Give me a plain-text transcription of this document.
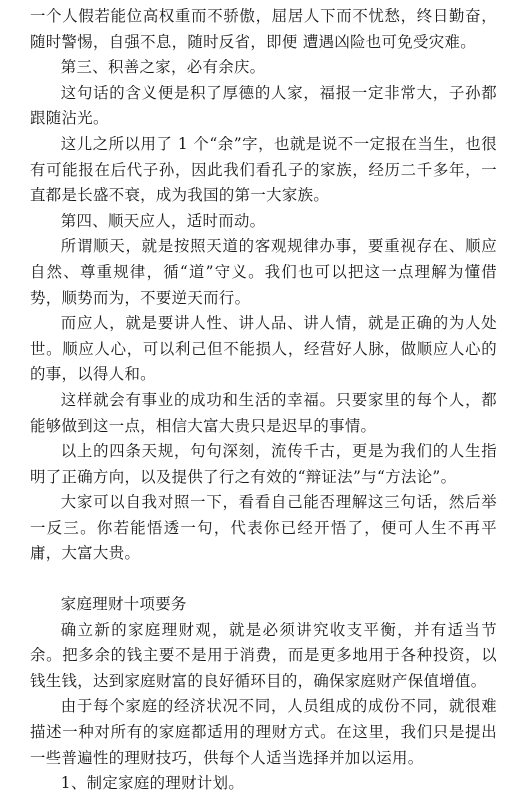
一个人假若能位高权重而不骄傲，屈居人下而不忧愁，终日勤奋，随时警惕，自强不息，随时反省，即便 遭遇凶险也可免受灾难。

第三、积善之家，必有余庆。

这句话的含义便是积了厚德的人家，福报一定非常大，子孙都跟随沾光。

这儿之所以用了 1 个“余”字，也就是说不一定报在当生，也很有可能报在后代子孙，因此我们看孔子的家族，经历二千多年，一直都是长盛不衰，成为我国的第一大家族。

第四、顺天应人，适时而动。

所谓顺天，就是按照天道的客观规律办事，要重视存在、顺应自然、尊重规律，循“道”守义。我们也可以把这一点理解为懂借势，顺势而为，不要逆天而行。

而应人，就是要讲人性、讲人品、讲人情，就是正确的为人处世。顺应人心，可以利己但不能损人，经营好人脉，做顺应人心的的事，以得人和。

这样就会有事业的成功和生活的幸福。只要家里的每个人，都能够做到这一点，相信大富大贵只是迟早的事情。

以上的四条天规，句句深刻，流传千古，更是为我们的人生指明了正确方向，以及提供了行之有效的“辩证法”与“方法论”。

大家可以自我对照一下，看看自己能否理解这三句话，然后举一反三。你若能悟透一句，代表你已经开悟了，便可人生不再平庸，大富大贵。

家庭理财十项要务

确立新的家庭理财观，就是必须讲究收支平衡，并有适当节余。把多余的钱主要不是用于消费，而是更多地用于各种投资，以钱生钱，达到家庭财富的良好循环目的，确保家庭财产保值增值。

由于每个家庭的经济状况不同，人员组成的成份不同，就很难描述一种对所有的家庭都适用的理财方式。在这里，我们只是提出一些普遍性的理财技巧，供每个人适当选择并加以运用。

1、制定家庭的理财计划。
